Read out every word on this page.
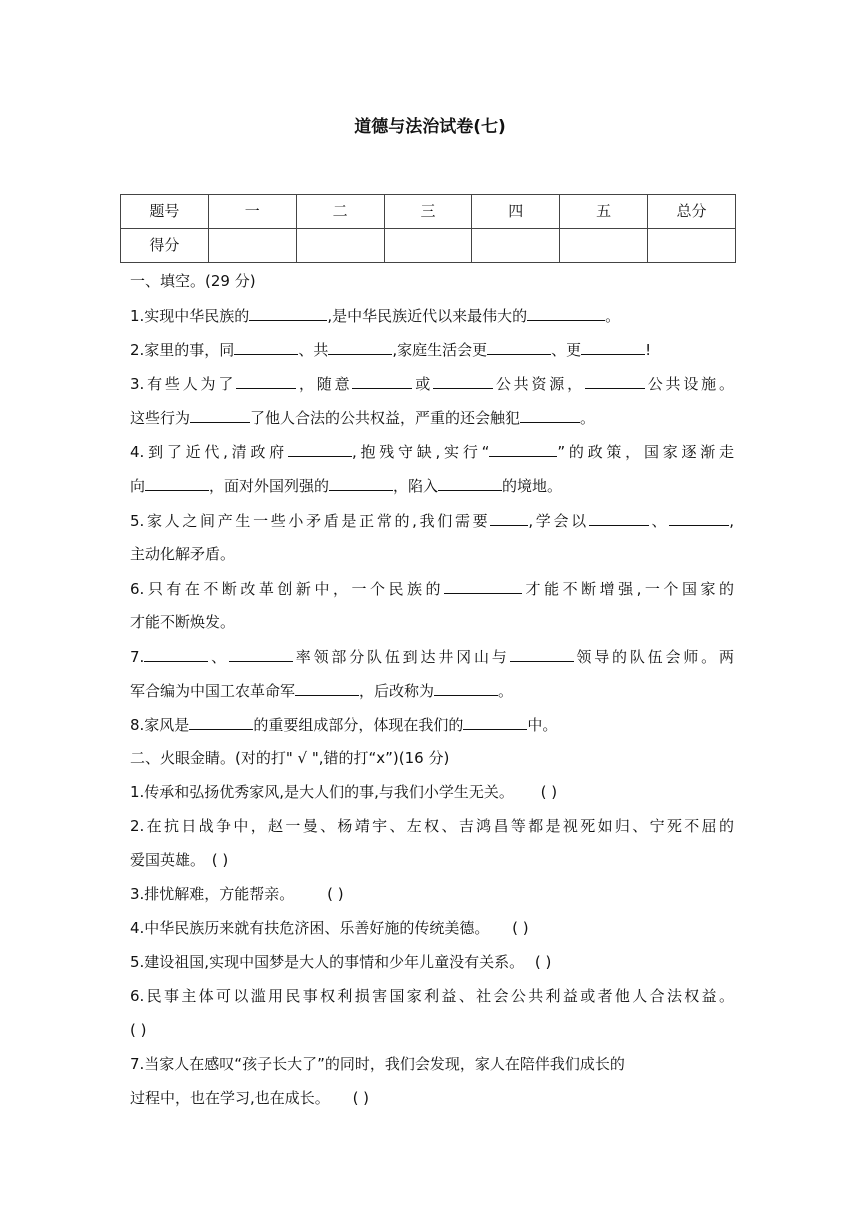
道德与法治试卷(七)
题号	一	二	三	四	五	总分
得分						
一、填空。(29 分)
1.实现中华民族的	,是中华民族近代以来最伟大的	。
2.家里的事，同	、共	,家庭生活会更	、更	!
3.有些人为了	，随意	或	公共资源，	公共设施。
这些行为	了他人合法的公共权益，严重的还会触犯	。
4.到了近代,清政府	,抱残守缺,实行“	”的政策，国家逐渐走
向	，面对外国列强的	，陷入	的境地。
5.家人之间产生一些小矛盾是正常的,我们需要	,学会以	、	,
主动化解矛盾。
6.只有在不断改革创新中，一个民族的	才能不断增强,一个国家的
才能不断焕发。
7.	、	率领部分队伍到达井冈山与	领导的队伍会师。两
军合编为中国工农革命军	，后改称为	。
8.家风是	的重要组成部分，体现在我们的	中。
二、火眼金睛。(对的打" √ ",错的打“x”)(16 分)
1.传承和弘扬优秀家风,是大人们的事,与我们小学生无关。 ( )
2.在抗日战争中，赵一曼、杨靖宇、左权、吉鸿昌等都是视死如归、宁死不屈的
爱国英雄。 ( )
3.排忧解难，方能帮亲。 ( )
4.中华民族历来就有扶危济困、乐善好施的传统美德。 ( )
5.建设祖国,实现中国梦是大人的事情和少年儿童没有关系。 ( )
6.民事主体可以滥用民事权利损害国家利益、社会公共利益或者他人合法权益。
( )
7.当家人在感叹“孩子长大了”的同时，我们会发现，家人在陪伴我们成长的
过程中，也在学习,也在成长。 ( )
